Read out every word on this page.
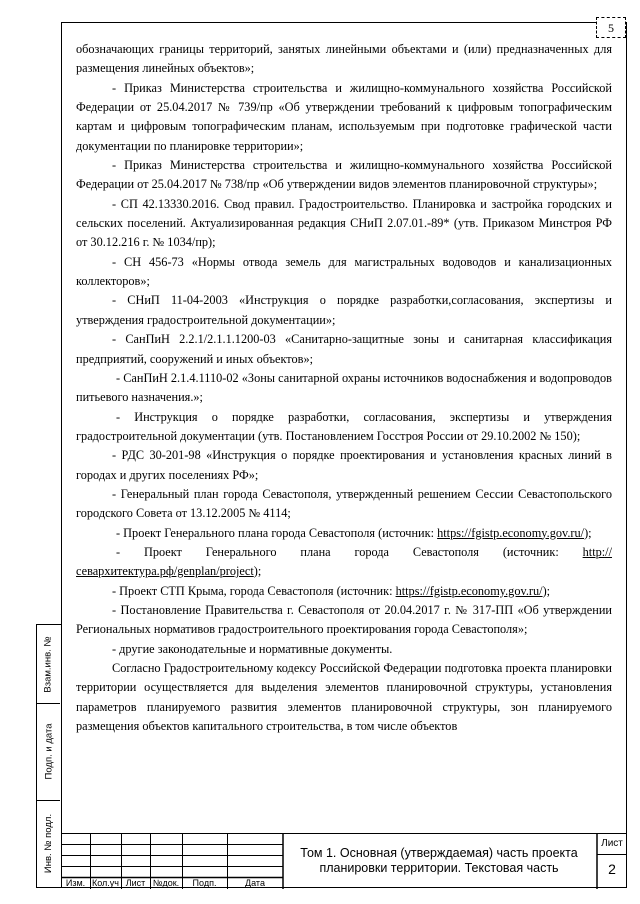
5

обозначающих границы территорий, занятых линейными объектами и (или) предназначенных для размещения линейных объектов»;

- Приказ Министерства строительства и жилищно-коммунального хозяйства Российской Федерации от 25.04.2017 № 739/пр «Об утверждении требований к цифровым топографическим картам и цифровым топографическим планам, используемым при подготовке графической части документации по планировке территории»;

- Приказ Министерства строительства и жилищно-коммунального хозяйства Российской Федерации от 25.04.2017 № 738/пр «Об утверждении видов элементов планировочной структуры»;

- СП 42.13330.2016. Свод правил. Градостроительство. Планировка и застройка городских и сельских поселений. Актуализированная редакция СНиП 2.07.01.-89* (утв. Приказом Минстроя РФ от 30.12.216 г. № 1034/пр);

- СН 456-73 «Нормы отвода земель для магистральных водоводов и канализационных коллекторов»;

- СНиП 11-04-2003 «Инструкция о порядке разработки,согласования, экспертизы и утверждения градостроительной документации»;

- СанПиН 2.2.1/2.1.1.1200-03 «Санитарно-защитные зоны и санитарная классификация предприятий, сооружений и иных объектов»;

- СанПиН 2.1.4.1110-02 «Зоны санитарной охраны источников водоснабжения и водопроводов питьевого назначения.»;

- Инструкция о порядке разработки, согласования, экспертизы и утверждения градостроительной документации (утв. Постановлением Госстроя России от 29.10.2002 № 150);

- РДС 30-201-98 «Инструкция о порядке проектирования и установления красных линий в городах и других поселениях РФ»;

- Генеральный план города Севастополя, утвержденный решением Сессии Севастопольского городского Совета от 13.12.2005 № 4114;

- Проект Генерального плана города Севастополя (источник: https://fgistp.economy.gov.ru/);

- Проект Генерального плана города Севастополя (источник: http://севархитектура.рф/genplan/project);

- Проект СТП Крыма, города Севастополя (источник: https://fgistp.economy.gov.ru/);

- Постановление Правительства г. Севастополя от 20.04.2017 г. № 317-ПП «Об утверждении Региональных нормативов градостроительного проектирования города Севастополя»;

- другие законодательные и нормативные документы.

Согласно Градостроительному кодексу Российской Федерации подготовка проекта планировки территории осуществляется для выделения элементов планировочной структуры, установления параметров планируемого развития элементов планировочной структуры, зон планируемого размещения объектов капитального строительства, в том числе объектов

Взам.инв. №
Подп. и дата
Инв. № подл.
Изм. Кол.уч Лист №док.	Подп.	Дата
Том 1. Основная (утверждаемая) часть проекта планировки территории. Текстовая часть
Лист
2
